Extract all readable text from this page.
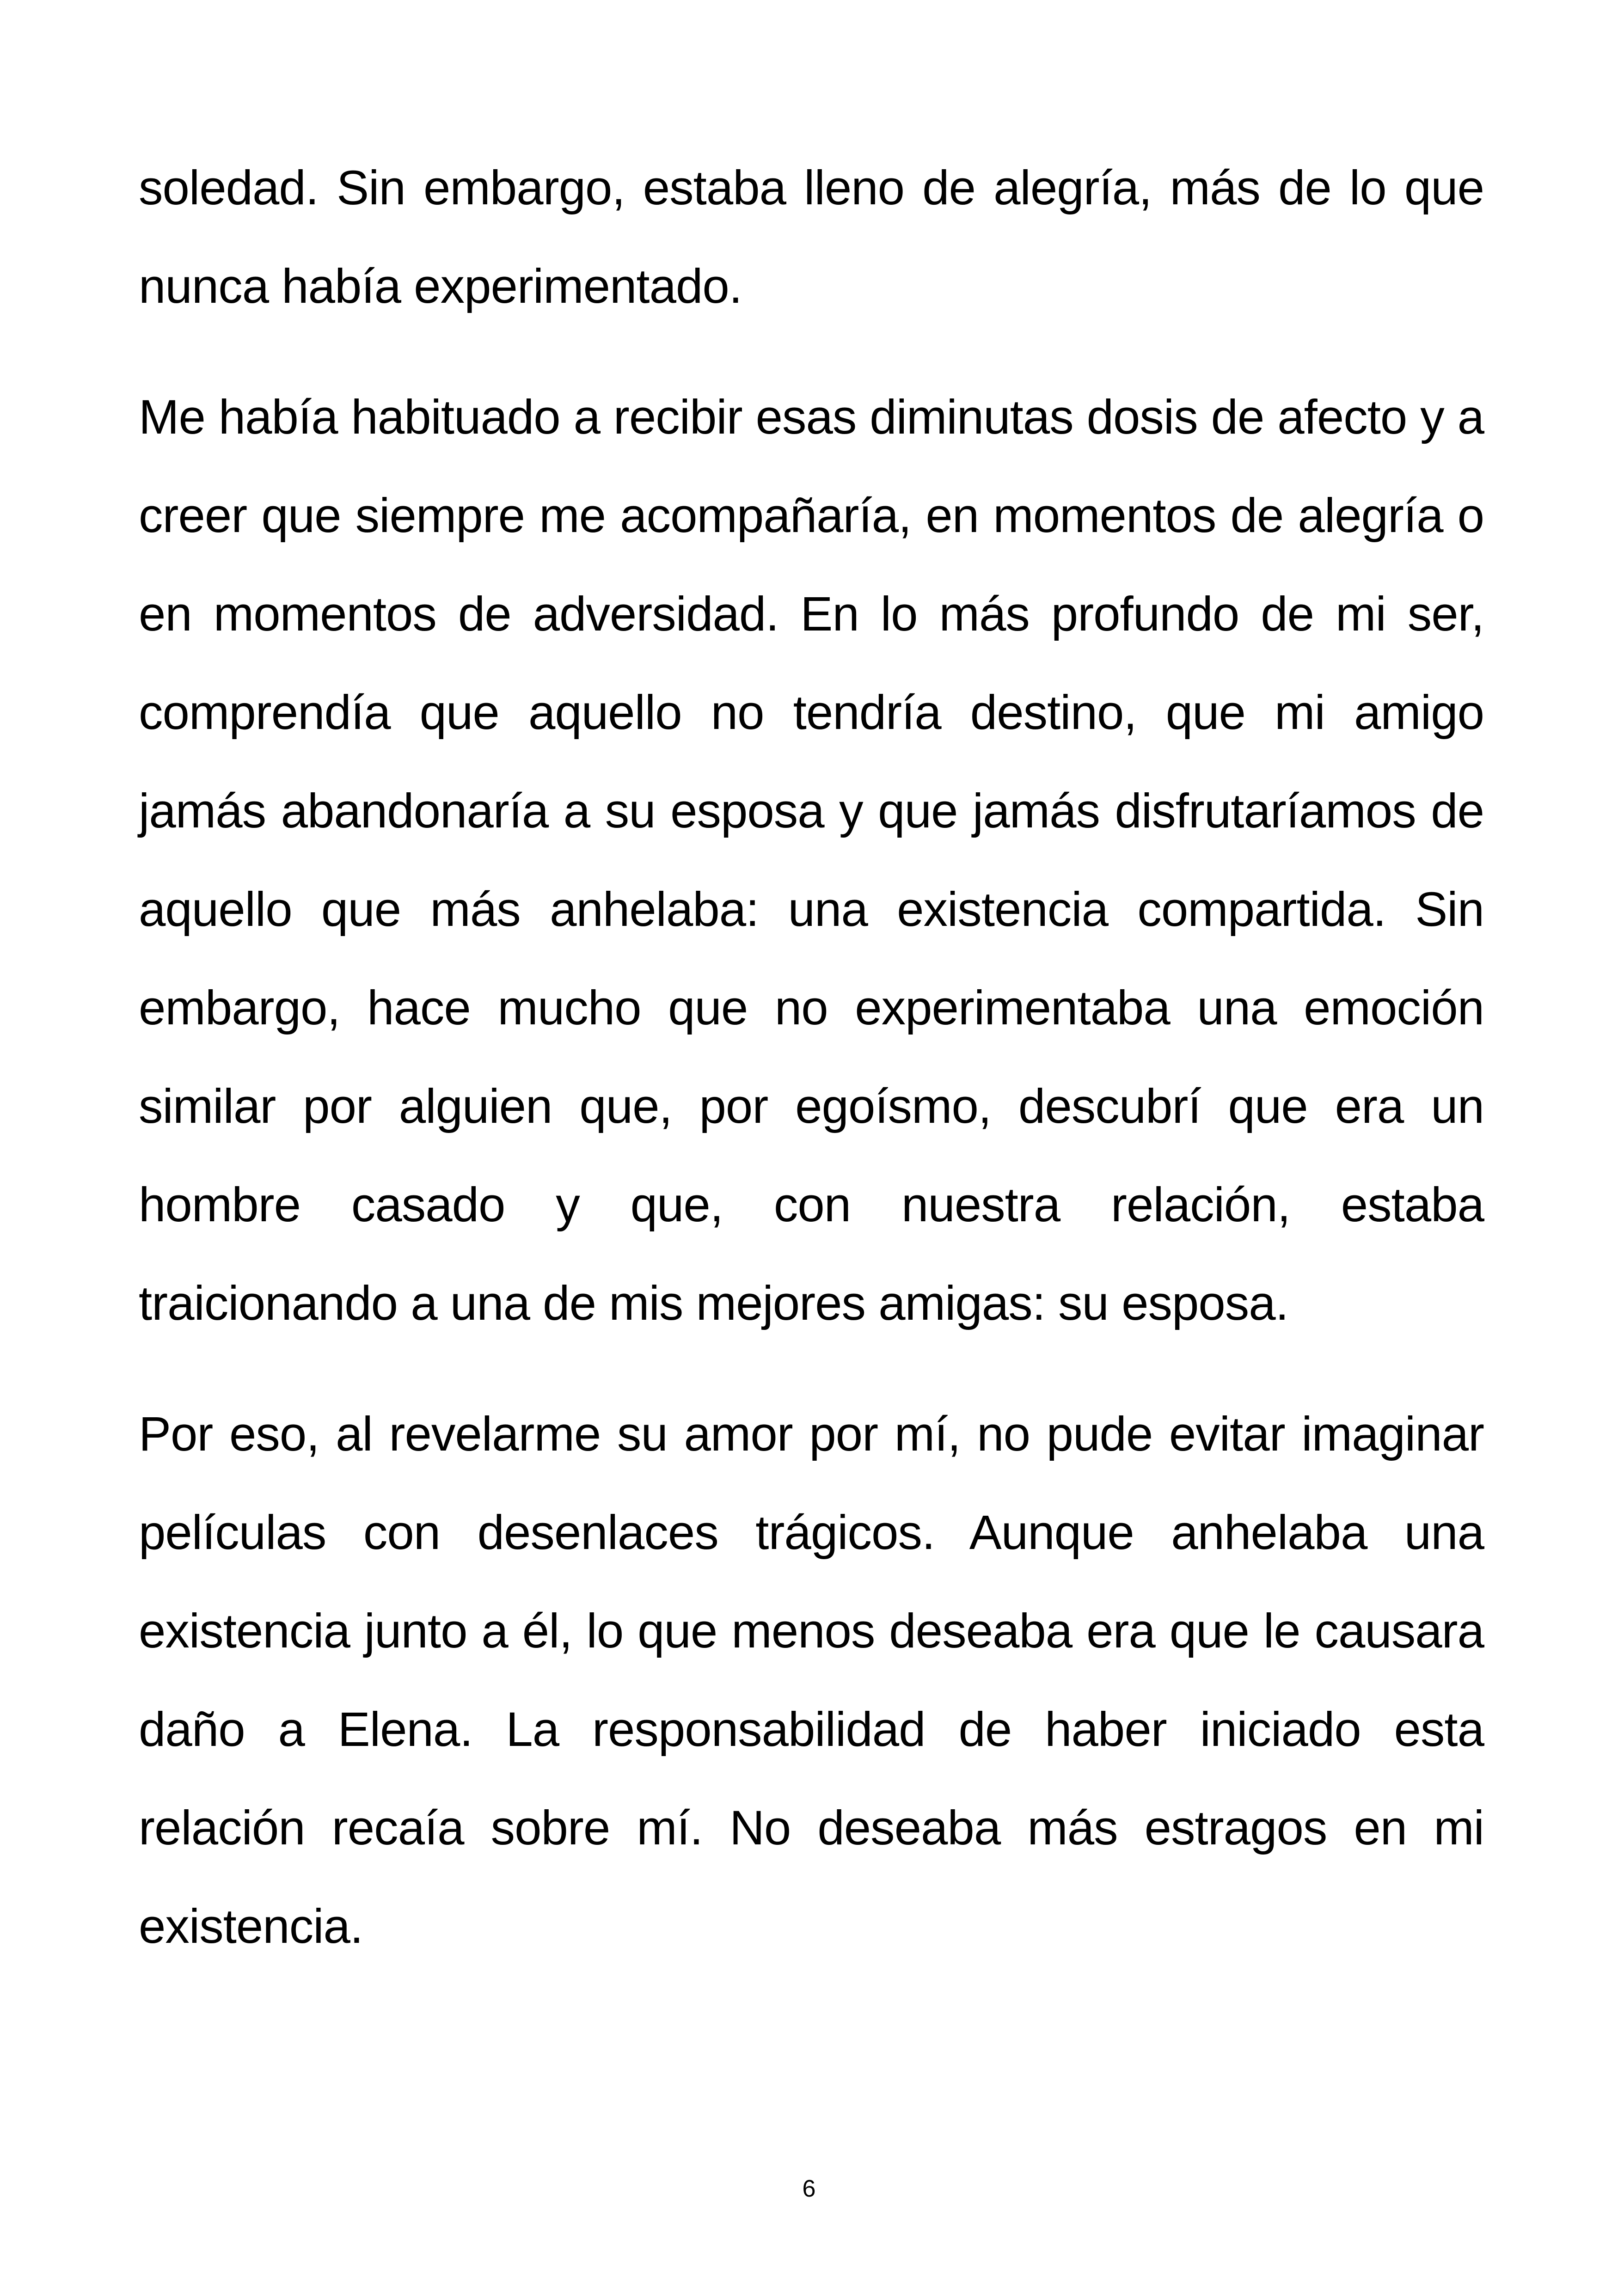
soledad. Sin embargo, estaba lleno de alegría, más de lo que nunca había experimentado.

Me había habituado a recibir esas diminutas dosis de afecto y a creer que siempre me acompañaría, en momentos de alegría o en momentos de adversidad. En lo más profundo de mi ser, comprendía que aquello no tendría destino, que mi amigo jamás abandonaría a su esposa y que jamás disfrutaríamos de aquello que más anhelaba: una existencia compartida. Sin embargo, hace mucho que no experimentaba una emoción similar por alguien que, por egoísmo, descubrí que era un hombre casado y que, con nuestra relación, estaba traicionando a una de mis mejores amigas: su esposa.

Por eso, al revelarme su amor por mí, no pude evitar imaginar películas con desenlaces trágicos. Aunque anhelaba una existencia junto a él, lo que menos deseaba era que le causara daño a Elena. La responsabilidad de haber iniciado esta relación recaía sobre mí. No deseaba más estragos en mi existencia.

6
